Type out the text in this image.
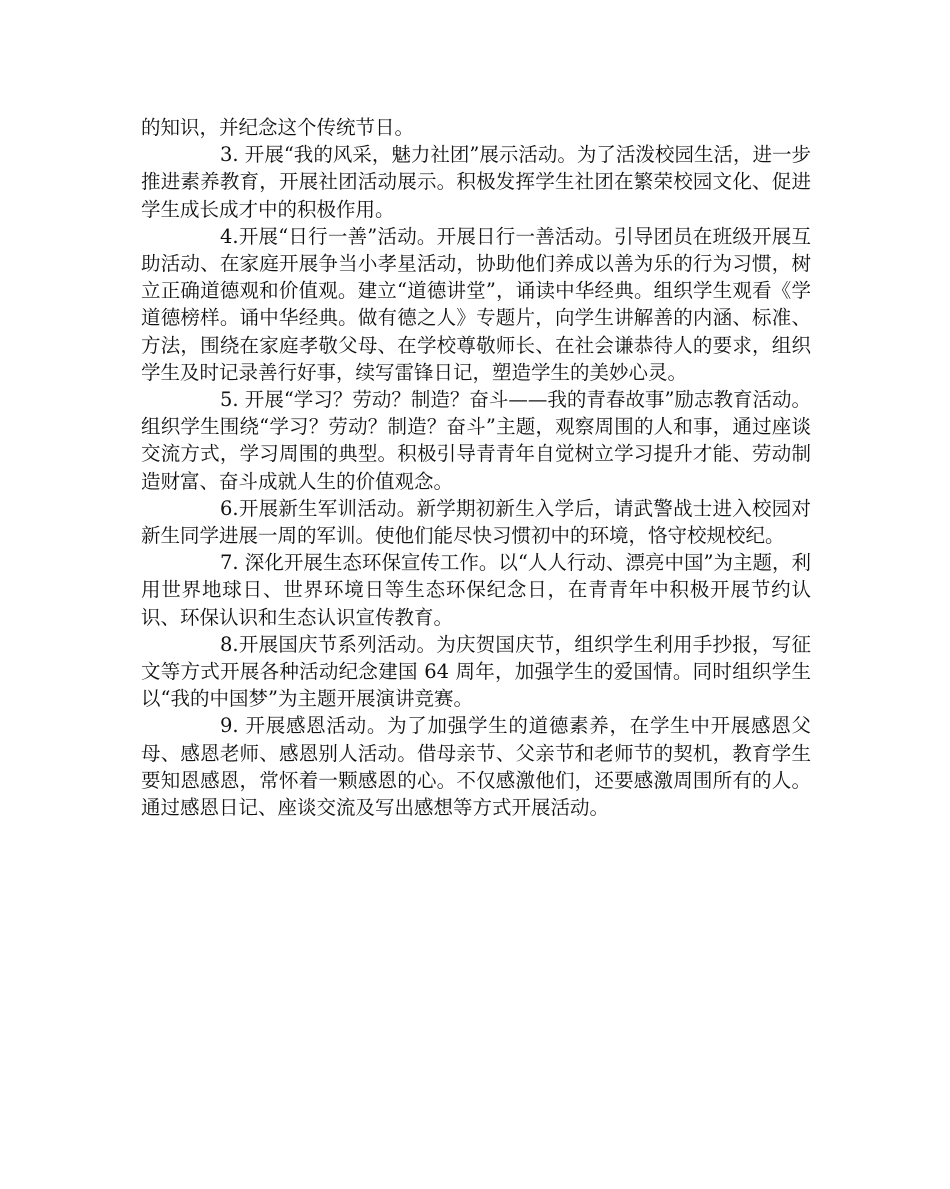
的知识，并纪念这个传统节日。

3. 开展“我的风采，魅力社团”展示活动。为了活泼校园生活，进一步推进素养教育，开展社团活动展示。积极发挥学生社团在繁荣校园文化、促进学生成长成才中的积极作用。

4.开展“日行一善”活动。开展日行一善活动。引导团员在班级开展互助活动、在家庭开展争当小孝星活动，协助他们养成以善为乐的行为习惯，树立正确道德观和价值观。建立“道德讲堂”，诵读中华经典。组织学生观看《学道德榜样。诵中华经典。做有德之人》专题片，向学生讲解善的内涵、标准、方法，围绕在家庭孝敬父母、在学校尊敬师长、在社会谦恭待人的要求，组织学生及时记录善行好事，续写雷锋日记，塑造学生的美妙心灵。

5. 开展“学习？劳动？制造？奋斗——我的青春故事”励志教育活动。组织学生围绕“学习？劳动？制造？奋斗”主题，观察周围的人和事，通过座谈交流方式，学习周围的典型。积极引导青青年自觉树立学习提升才能、劳动制造财富、奋斗成就人生的价值观念。

6.开展新生军训活动。新学期初新生入学后，请武警战士进入校园对新生同学进展一周的军训。使他们能尽快习惯初中的环境，恪守校规校纪。

7. 深化开展生态环保宣传工作。以“人人行动、漂亮中国”为主题，利用世界地球日、世界环境日等生态环保纪念日，在青青年中积极开展节约认识、环保认识和生态认识宣传教育。

8.开展国庆节系列活动。为庆贺国庆节，组织学生利用手抄报，写征文等方式开展各种活动纪念建国 64 周年，加强学生的爱国情。同时组织学生以“我的中国梦”为主题开展演讲竞赛。

9. 开展感恩活动。为了加强学生的道德素养，在学生中开展感恩父母、感恩老师、感恩别人活动。借母亲节、父亲节和老师节的契机，教育学生要知恩感恩，常怀着一颗感恩的心。不仅感激他们，还要感激周围所有的人。通过感恩日记、座谈交流及写出感想等方式开展活动。
